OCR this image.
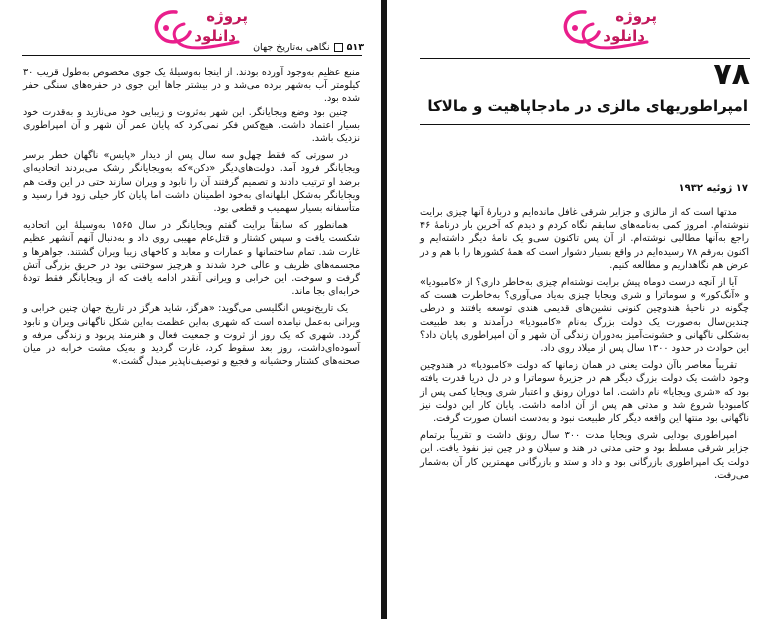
پروژه
دانلود
۵۱۳
نگاهی به‌تاریخ جهان

منبع عظیم به‌وجود آورده بودند. از اینجا به‌وسیلهٔ یک جوی مخصوص به‌طول قریب ۳۰ کیلومتر آب به‌شهر برده می‌شد و در بیشتر جاها این جوی در حفره‌های سنگی حفر شده بود.

چنین بود وضع ویجایانگر. این شهر به‌ثروت و زیبایی خود می‌نازید و به‌قدرت خود بسیار اعتماد داشت. هیچ‌کس فکر نمی‌کرد که پایان عمر آن شهر و آن امپراطوری نزدیک باشد.

در سورتی که فقط چهل‌و سه سال پس از دیدار «پایس» ناگهان خطر برسر ویجایانگر فرود آمد. دولت‌های‌دیگر «دکن»که به‌ویجایانگر رشک می‌بردند اتحادیه‌ای برضد او ترتیب دادند و تصمیم گرفتند آن را نابود و ویران سازند حتی در این وقت هم ویجایانگر به‌شکل ابلهانه‌ای به‌خود اطمینان داشت اما پایان کار خیلی زود فرا رسید و متأسفانه بسیار سهمیب و قطعی بود.

همانطور که سابقاً برایت گفتم ویجایانگر در سال ۱۵۶۵ به‌وسیلهٔ این اتحادیه شکست یافت و سپس کشتار و قتل‌عام مهیبی روی داد و به‌دنبال آنهم آنشهر عظیم غارت شد. تمام ساختمانها و عمارات و معابد و کاخهای زیبا ویران گشتند. جواهرها و مجسمه‌های ظریف و عالی خرد شدند و هرچیز سوختنی بود در حریق بزرگی آتش گرفت و سوخت. این خرابی و ویرانی آنقدر ادامه یافت که از ویجایانگر فقط تودهٔ خرابه‌ای بجا ماند.

یک تاریخ‌نویس انگلیسی می‌گوید: «هرگز، شاید هرگز در تاریخ جهان چنین خرابی و ویرانی به‌عمل نیامده است که شهری به‌این عظمت به‌این شکل ناگهانی ویران و نابود گردد. شهری که یک روز از ثروت و جمعیت فعال و هنرمند پربود و زندگی مرفه و آسوده‌ای‌داشت، روز بعد سقوط کرد، غارت گردید و به‌یک مشت خرابه در میان صحنه‌های کشتار وحشیانه و فجیع و توصیف‌ناپذیر مبدل گشت.»

پروژه
دانلود
۷۸
امپراطوریهای مالزی در مادجاپاهیت و مالاکا
۱۷ ژوئیه ۱۹۳۲

مدتها است که از مالزی و جزایر شرقی غافل مانده‌ایم و دربارهٔ آنها چیزی برایت ننوشته‌ام. امروز کمی به‌نامه‌های سابقم نگاه کردم و دیدم که آخرین بار درنامهٔ ۴۶ راجع به‌آنها مطالبی نوشته‌ام. از آن پس تاکنون سی‌و یک نامهٔ دیگر داشته‌ایم و اکنون به‌رقم ۷۸ رسیده‌ایم در واقع بسیار دشوار است که همهٔ کشورها را با هم و در عرض هم نگاهداریم و مطالعه کنیم.

آیا از آنچه درست دوماه پیش برایت نوشته‌ام چیزی به‌خاطر داری؟ از «کامبودیا» و «آنگ‌کور» و سوماترا و شری ویجایا چیزی به‌یاد می‌آوری؟ به‌خاطرت هست که چگونه در ناحیهٔ هندوچین کنونی نشین‌های قدیمی هندی توسعه یافتند و درطی چندین‌سال به‌صورت یک دولت بزرگ به‌نام «کامبودیا» درآمدند و بعد طبیعت به‌شکلی ناگهانی و خشونت‌آمیز به‌دوران زندگی آن شهر و آن امپراطوری پایان داد؟ این حوادث در حدود ۱۳۰۰ سال پس از میلاد روی داد.

تقریباً معاصر باآن دولت یعنی در همان زمانها که دولت «کامبودیا» در هندوچین وجود داشت یک دولت بزرگ دیگر هم در جزیرهٔ سوماترا و در دل دریا قدرت یافته بود که «شری ویجایا» نام داشت. اما دوران رونق و اعتبار شری ویجایا کمی پس از کامبودیا شروع شد و مدتی هم پس از آن ادامه داشت. پایان کار این دولت نیز ناگهانی بود منتها این واقعه دیگر کار طبیعت نبود و به‌دست انسان صورت گرفت.

امپراطوری بودایی شری ویجایا مدت ۳۰۰ سال رونق داشت و تقریباً برتمام جزایر شرقی مسلط بود و حتی مدتی در هند و سیلان و در چین نیز نفوذ یافت. این دولت یک امپراطوری بازرگانی بود و داد و ستد و بازرگانی مهمترین کار آن به‌شمار می‌رفت.
